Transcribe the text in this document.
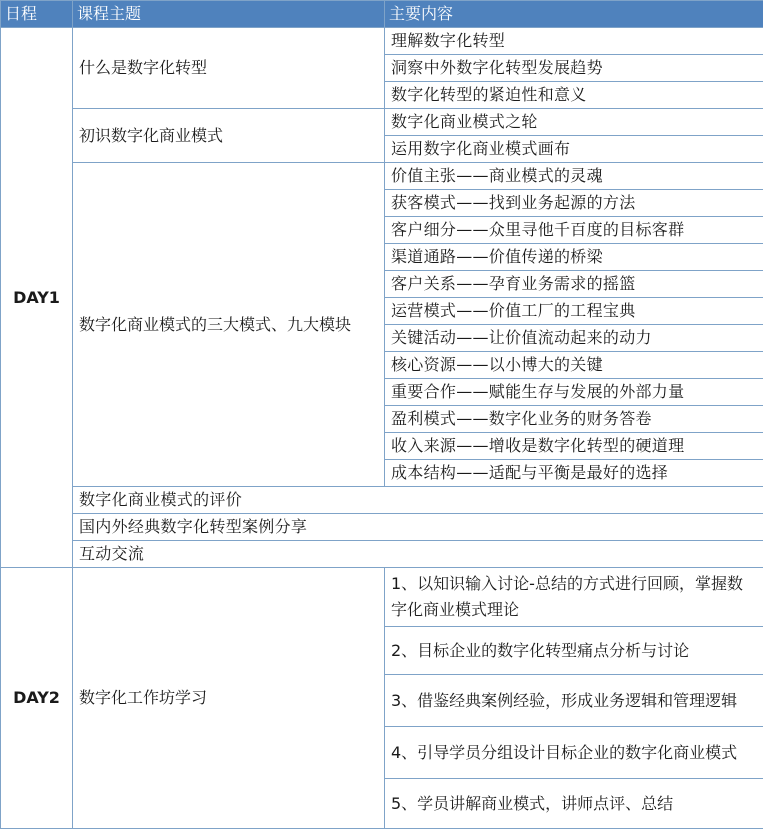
日程	课程主题	主要内容
DAY1	什么是数字化转型	理解数字化转型
		洞察中外数字化转型发展趋势
		数字化转型的紧迫性和意义
	初识数字化商业模式	数字化商业模式之轮
		运用数字化商业模式画布
	数字化商业模式的三大模式、九大模块	价值主张——商业模式的灵魂
		获客模式——找到业务起源的方法
		客户细分——众里寻他千百度的目标客群
		渠道通路——价值传递的桥梁
		客户关系——孕育业务需求的摇篮
		运营模式——价值工厂的工程宝典
		关键活动——让价值流动起来的动力
		核心资源——以小博大的关键
		重要合作——赋能生存与发展的外部力量
		盈利模式——数字化业务的财务答卷
		收入来源——增收是数字化转型的硬道理
		成本结构——适配与平衡是最好的选择
	数字化商业模式的评价	
	国内外经典数字化转型案例分享	
	互动交流	
DAY2	数字化工作坊学习	1、以知识输入讨论-总结的方式进行回顾，掌握数字化商业模式理论
		2、目标企业的数字化转型痛点分析与讨论
		3、借鉴经典案例经验，形成业务逻辑和管理逻辑
		4、引导学员分组设计目标企业的数字化商业模式
		5、学员讲解商业模式，讲师点评、总结
